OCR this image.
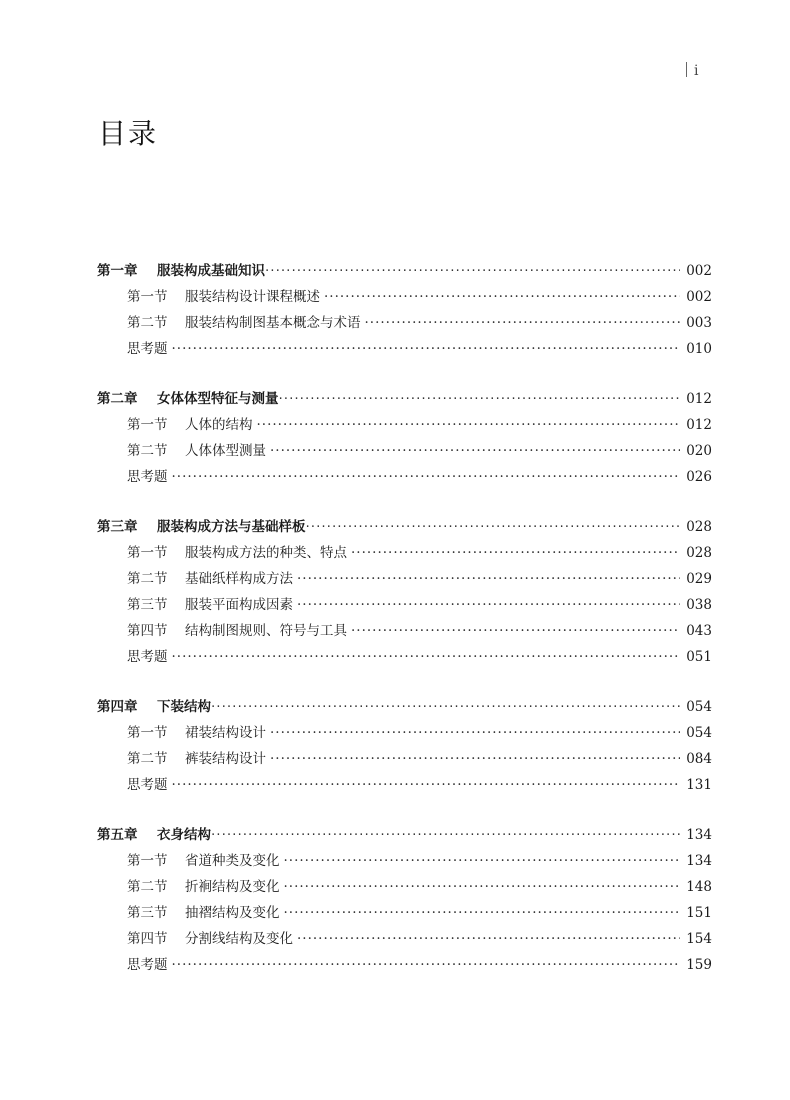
i
目录
第一章 服装构成基础知识 ·····	002
第一节 服装结构设计课程概述 ·····	002
第二节 服装结构制图基本概念与术语 ·····	003
思考题 ·····	010
第二章 女体体型特征与测量 ·····	012
第一节 人体的结构 ·····	012
第二节 人体体型测量 ·····	020
思考题 ·····	026
第三章 服装构成方法与基础样板 ·····	028
第一节 服装构成方法的种类、特点 ·····	028
第二节 基础纸样构成方法 ·····	029
第三节 服装平面构成因素 ·····	038
第四节 结构制图规则、符号与工具 ·····	043
思考题 ·····	051
第四章 下装结构 ·····	054
第一节 裙装结构设计 ·····	054
第二节 裤装结构设计 ·····	084
思考题 ·····	131
第五章 衣身结构 ·····	134
第一节 省道种类及变化 ·····	134
第二节 折裥结构及变化 ·····	148
第三节 抽褶结构及变化 ·····	151
第四节 分割线结构及变化 ·····	154
思考题 ·····	159
